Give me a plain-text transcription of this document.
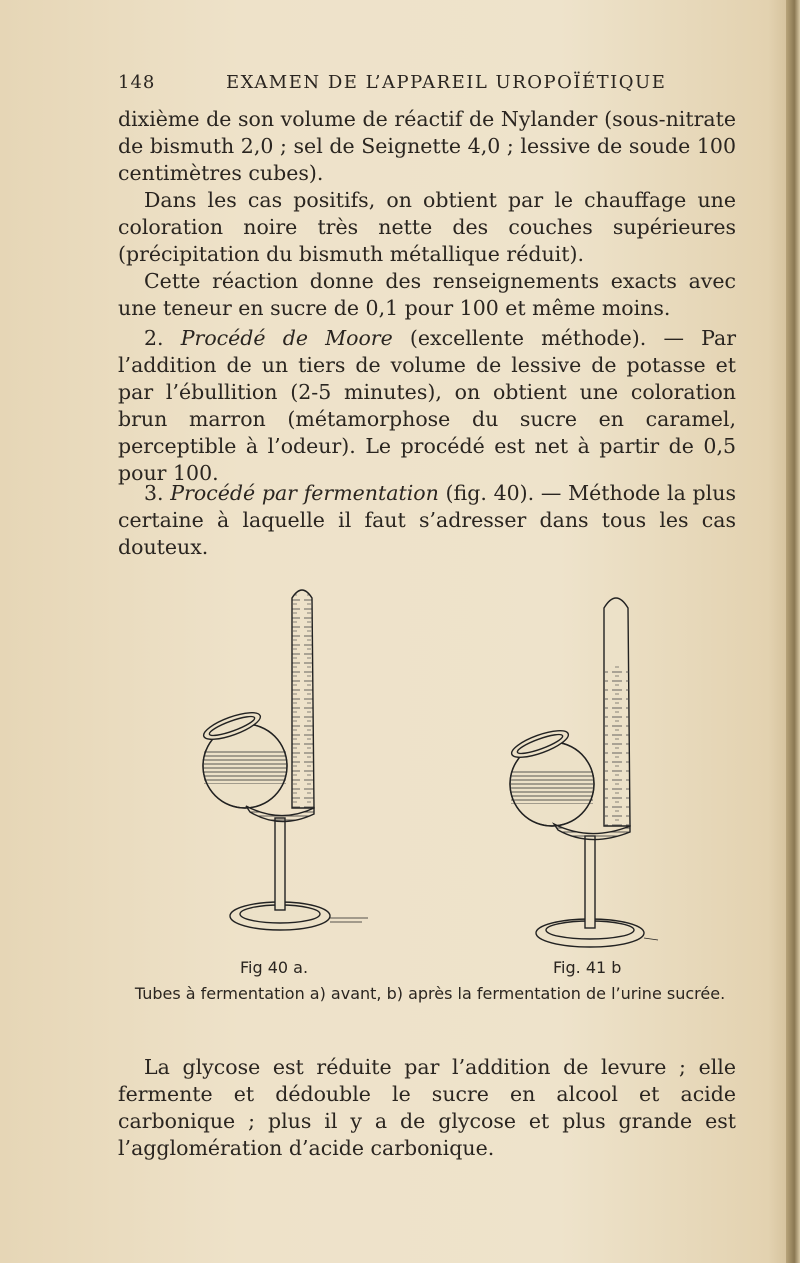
148	EXAMEN DE L’APPAREIL UROPOÏÉTIQUE

dixième de son volume de réactif de Nylander (sous-nitrate de bismuth 2,0 ; sel de Seignette 4,0 ; lessive de soude 100 centimètres cubes).

Dans les cas positifs, on obtient par le chauffage une coloration noire très nette des couches supérieures (précipitation du bismuth métallique réduit).

Cette réaction donne des renseignements exacts avec une teneur en sucre de 0,1 pour 100 et même moins.

2. Procédé de Moore (excellente méthode). — Par l’addition de un tiers de volume de lessive de potasse et par l’ébullition (2-5 minutes), on obtient une coloration brun marron (métamorphose du sucre en caramel, perceptible à l’odeur). Le procédé est net à partir de 0,5 pour 100.

3. Procédé par fermentation (fig. 40). — Méthode la plus certaine à laquelle il faut s’adresser dans tous les cas douteux.

Fig 40 a.	Fig. 41 b
Tubes à fermentation a) avant, b) après la fermentation de l’urine sucrée.

La glycose est réduite par l’addition de levure ; elle fermente et dédouble le sucre en alcool et acide carbonique ; plus il y a de glycose et plus grande est l’agglomération d’acide carbonique.
